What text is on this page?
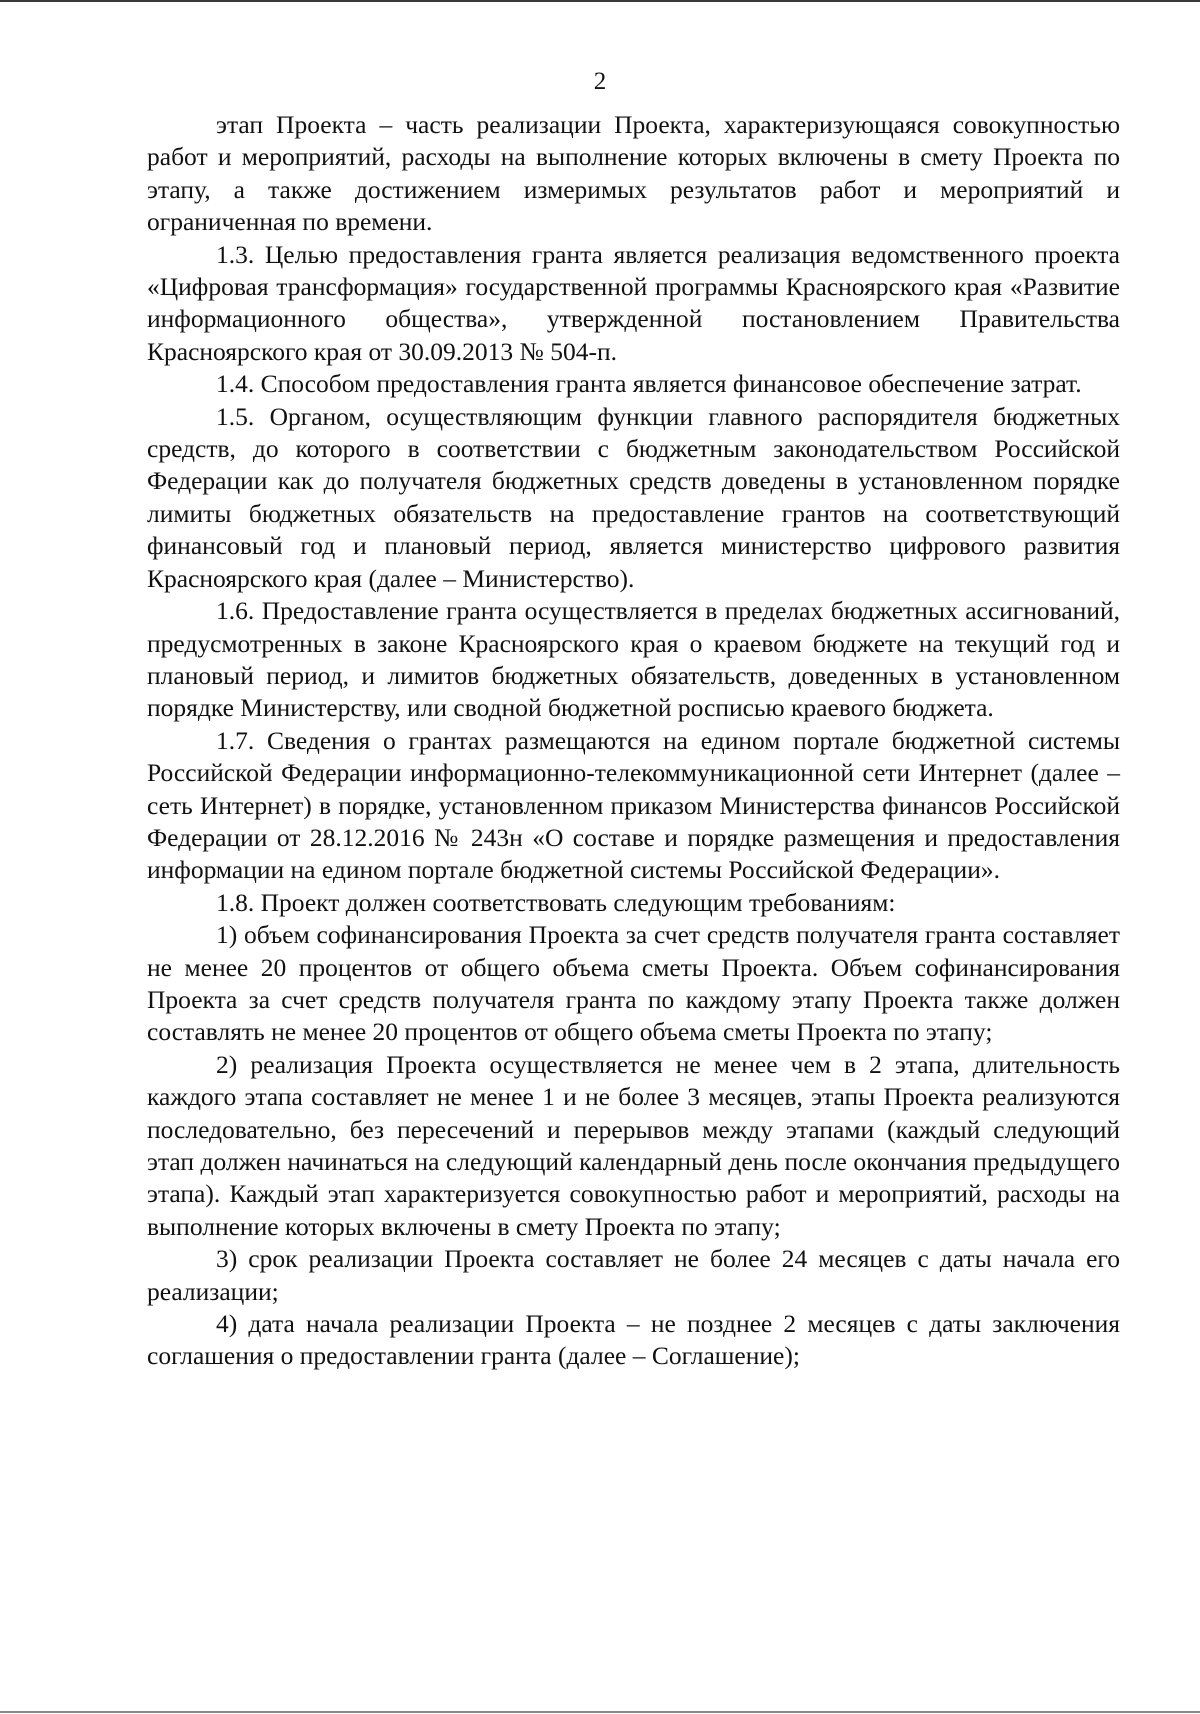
2

этап Проекта – часть реализации Проекта, характеризующаяся совокупностью работ и мероприятий, расходы на выполнение которых включены в смету Проекта по этапу, а также достижением измеримых результатов работ и мероприятий и ограниченная по времени.

1.3. Целью предоставления гранта является реализация ведомственного проекта «Цифровая трансформация» государственной программы Красноярского края «Развитие информационного общества», утвержденной постановлением Правительства Красноярского края от 30.09.2013 № 504-п.

1.4. Способом предоставления гранта является финансовое обеспечение затрат.

1.5. Органом, осуществляющим функции главного распорядителя бюджетных средств, до которого в соответствии с бюджетным законодательством Российской Федерации как до получателя бюджетных средств доведены в установленном порядке лимиты бюджетных обязательств на предоставление грантов на соответствующий финансовый год и плановый период, является министерство цифрового развития Красноярского края (далее – Министерство).

1.6. Предоставление гранта осуществляется в пределах бюджетных ассигнований, предусмотренных в законе Красноярского края о краевом бюджете на текущий год и плановый период, и лимитов бюджетных обязательств, доведенных в установленном порядке Министерству, или сводной бюджетной росписью краевого бюджета.

1.7. Сведения о грантах размещаются на едином портале бюджетной системы Российской Федерации информационно-телекоммуникационной сети Интернет (далее – сеть Интернет) в порядке, установленном приказом Министерства финансов Российской Федерации от 28.12.2016 № 243н «О составе и порядке размещения и предоставления информации на едином портале бюджетной системы Российской Федерации».

1.8. Проект должен соответствовать следующим требованиям:

1) объем софинансирования Проекта за счет средств получателя гранта составляет не менее 20 процентов от общего объема сметы Проекта. Объем софинансирования Проекта за счет средств получателя гранта по каждому этапу Проекта также должен составлять не менее 20 процентов от общего объема сметы Проекта по этапу;

2) реализация Проекта осуществляется не менее чем в 2 этапа, длительность каждого этапа составляет не менее 1 и не более 3 месяцев, этапы Проекта реализуются последовательно, без пересечений и перерывов между этапами (каждый следующий этап должен начинаться на следующий календарный день после окончания предыдущего этапа). Каждый этап характеризуется совокупностью работ и мероприятий, расходы на выполнение которых включены в смету Проекта по этапу;

3) срок реализации Проекта составляет не более 24 месяцев с даты начала его реализации;

4) дата начала реализации Проекта – не позднее 2 месяцев с даты заключения соглашения о предоставлении гранта (далее – Соглашение);
